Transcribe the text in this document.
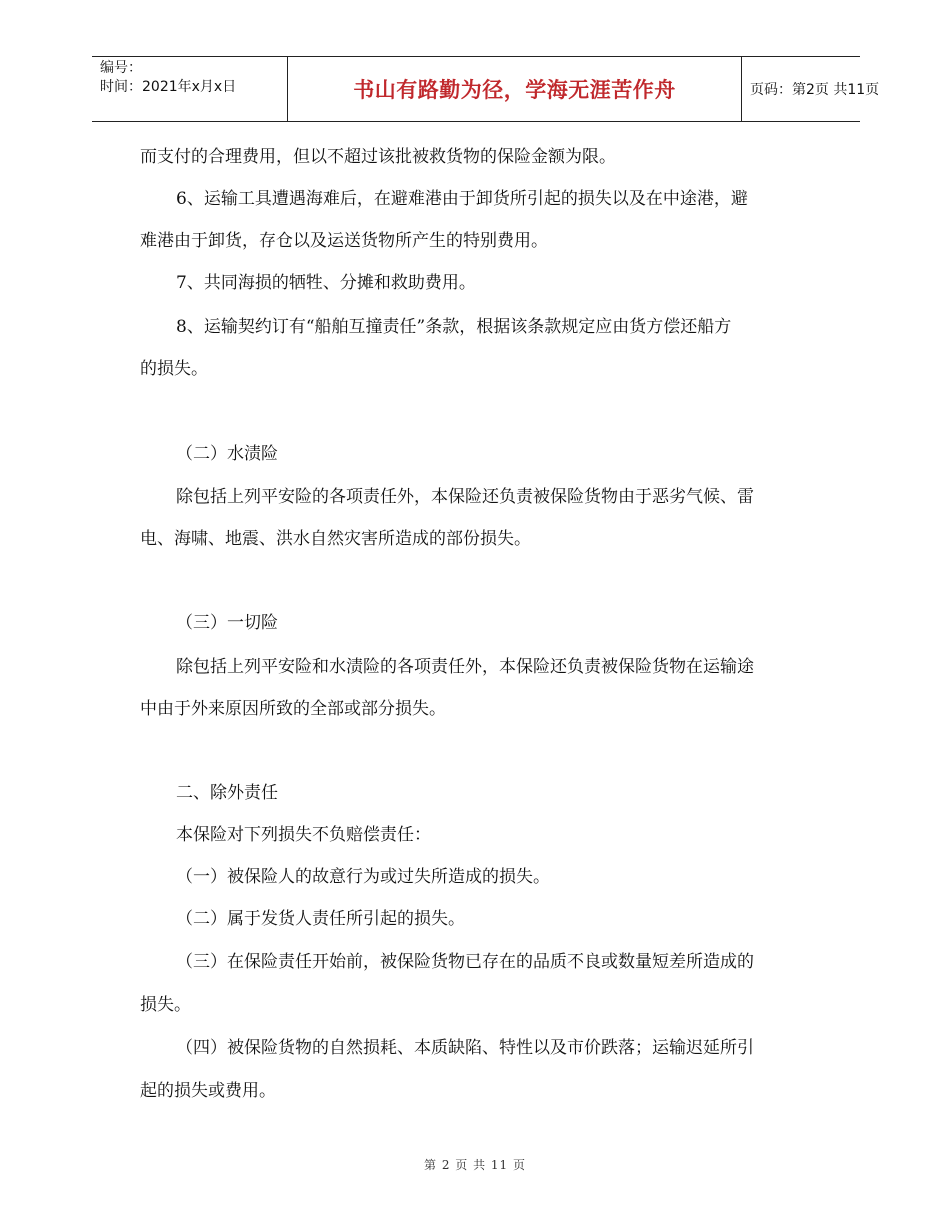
编号：
时间：2021年x月x日	书山有路勤为径，学海无涯苦作舟	页码：第2页 共11页
而支付的合理费用，但以不超过该批被救货物的保险金额为限。
6、运输工具遭遇海难后，在避难港由于卸货所引起的损失以及在中途港，避
难港由于卸货，存仓以及运送货物所产生的特别费用。
7、共同海损的牺牲、分摊和救助费用。
8、运输契约订有“船舶互撞责任”条款，根据该条款规定应由货方偿还船方
的损失。
（二）水渍险
除包括上列平安险的各项责任外，本保险还负责被保险货物由于恶劣气候、雷
电、海啸、地震、洪水自然灾害所造成的部份损失。
（三）一切险
除包括上列平安险和水渍险的各项责任外，本保险还负责被保险货物在运输途
中由于外来原因所致的全部或部分损失。
二、除外责任
本保险对下列损失不负赔偿责任：
（一）被保险人的故意行为或过失所造成的损失。
（二）属于发货人责任所引起的损失。
（三）在保险责任开始前，被保险货物已存在的品质不良或数量短差所造成的
损失。
（四）被保险货物的自然损耗、本质缺陷、特性以及市价跌落；运输迟延所引
起的损失或费用。
第 2 页 共 11 页
